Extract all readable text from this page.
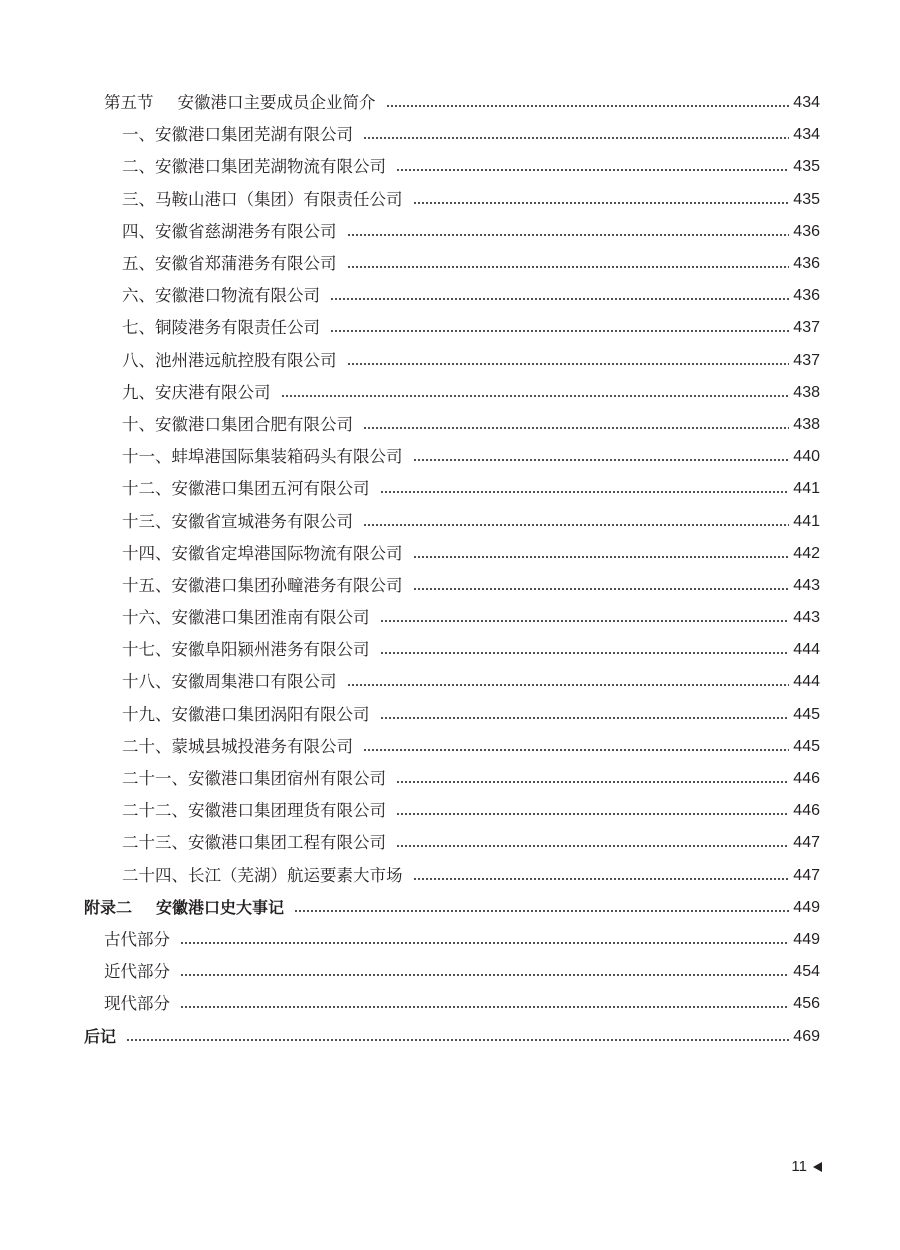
第五节 安徽港口主要成员企业简介	434
一、安徽港口集团芜湖有限公司	434
二、安徽港口集团芜湖物流有限公司	435
三、马鞍山港口（集团）有限责任公司	435
四、安徽省慈湖港务有限公司	436
五、安徽省郑蒲港务有限公司	436
六、安徽港口物流有限公司	436
七、铜陵港务有限责任公司	437
八、池州港远航控股有限公司	437
九、安庆港有限公司	438
十、安徽港口集团合肥有限公司	438
十一、蚌埠港国际集装箱码头有限公司	440
十二、安徽港口集团五河有限公司	441
十三、安徽省宣城港务有限公司	441
十四、安徽省定埠港国际物流有限公司	442
十五、安徽港口集团孙疃港务有限公司	443
十六、安徽港口集团淮南有限公司	443
十七、安徽阜阳颍州港务有限公司	444
十八、安徽周集港口有限公司	444
十九、安徽港口集团涡阳有限公司	445
二十、蒙城县城投港务有限公司	445
二十一、安徽港口集团宿州有限公司	446
二十二、安徽港口集团理货有限公司	446
二十三、安徽港口集团工程有限公司	447
二十四、长江（芜湖）航运要素大市场	447
附录二 安徽港口史大事记	449
古代部分	449
近代部分	454
现代部分	456
后记	469
11
